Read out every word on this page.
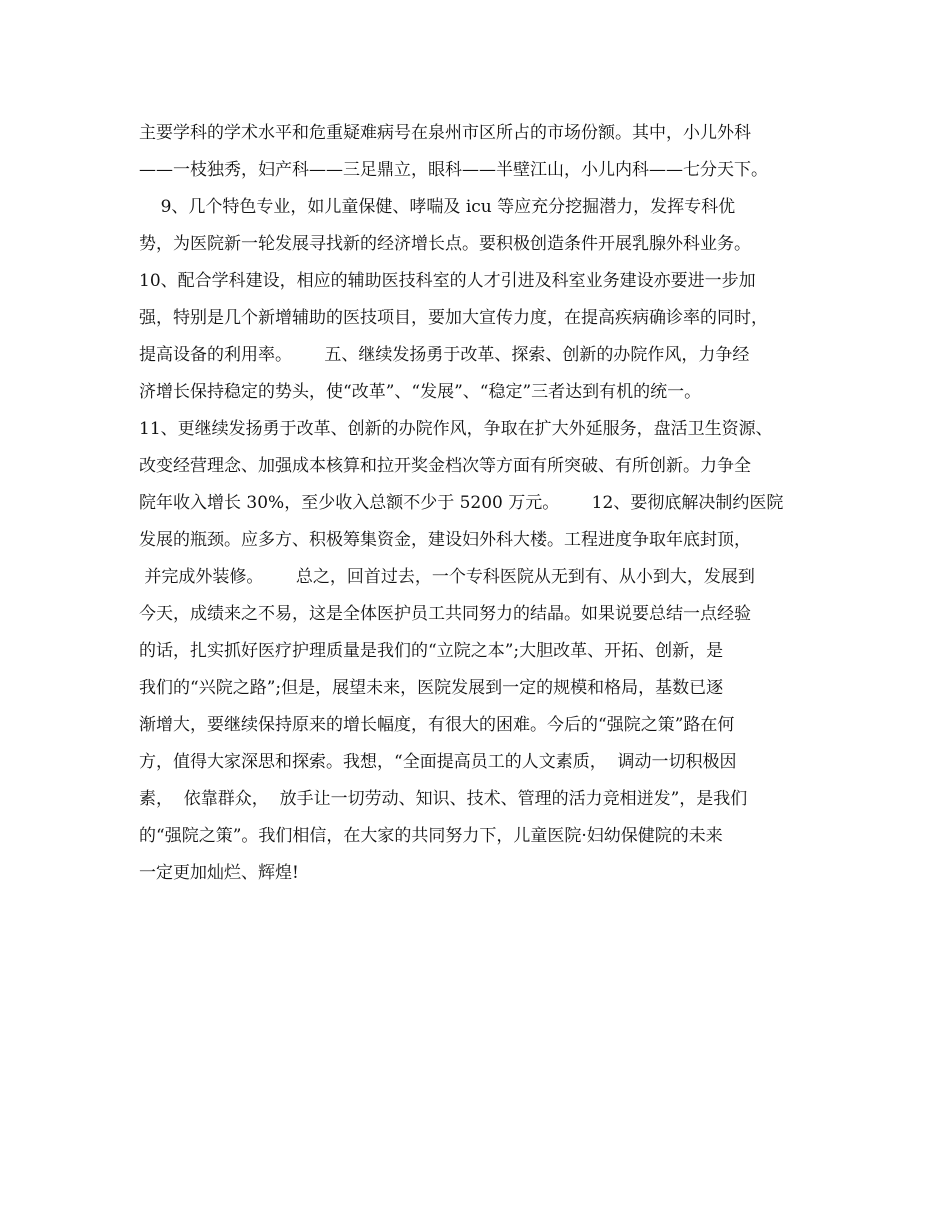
主要学科的学术水平和危重疑难病号在泉州市区所占的市场份额。其中，小儿外科
——一枝独秀，妇产科——三足鼎立，眼科——半壁江山，小儿内科——七分天下。
9、几个特色专业，如儿童保健、哮喘及 icu 等应充分挖掘潜力，发挥专科优
势，为医院新一轮发展寻找新的经济增长点。要积极创造条件开展乳腺外科业务。
10、配合学科建设，相应的辅助医技科室的人才引进及科室业务建设亦要进一步加
强，特别是几个新增辅助的医技项目，要加大宣传力度，在提高疾病确诊率的同时，
提高设备的利用率。      五、继续发扬勇于改革、探索、创新的办院作风，力争经
济增长保持稳定的势头，使“改革”、“发展”、“稳定”三者达到有机的统一。
11、更继续发扬勇于改革、创新的办院作风，争取在扩大外延服务，盘活卫生资源、
改变经营理念、加强成本核算和拉开奖金档次等方面有所突破、有所创新。力争全
院年收入增长 30%，至少收入总额不少于 5200 万元。      12、要彻底解决制约医院
发展的瓶颈。应多方、积极筹集资金，建设妇外科大楼。工程进度争取年底封顶，
并完成外装修。      总之，回首过去，一个专科医院从无到有、从小到大，发展到
今天，成绩来之不易，这是全体医护员工共同努力的结晶。如果说要总结一点经验
的话，扎实抓好医疗护理质量是我们的“立院之本”;大胆改革、开拓、创新，是
我们的“兴院之路”;但是，展望未来，医院发展到一定的规模和格局，基数已逐
渐增大，要继续保持原来的增长幅度，有很大的困难。今后的“强院之策”路在何
方，值得大家深思和探索。我想，“全面提高员工的人文素质，  调动一切积极因
素，  依靠群众，  放手让一切劳动、知识、技术、管理的活力竞相迸发”，是我们
的“强院之策”。我们相信，在大家的共同努力下，儿童医院·妇幼保健院的未来
一定更加灿烂、辉煌!
